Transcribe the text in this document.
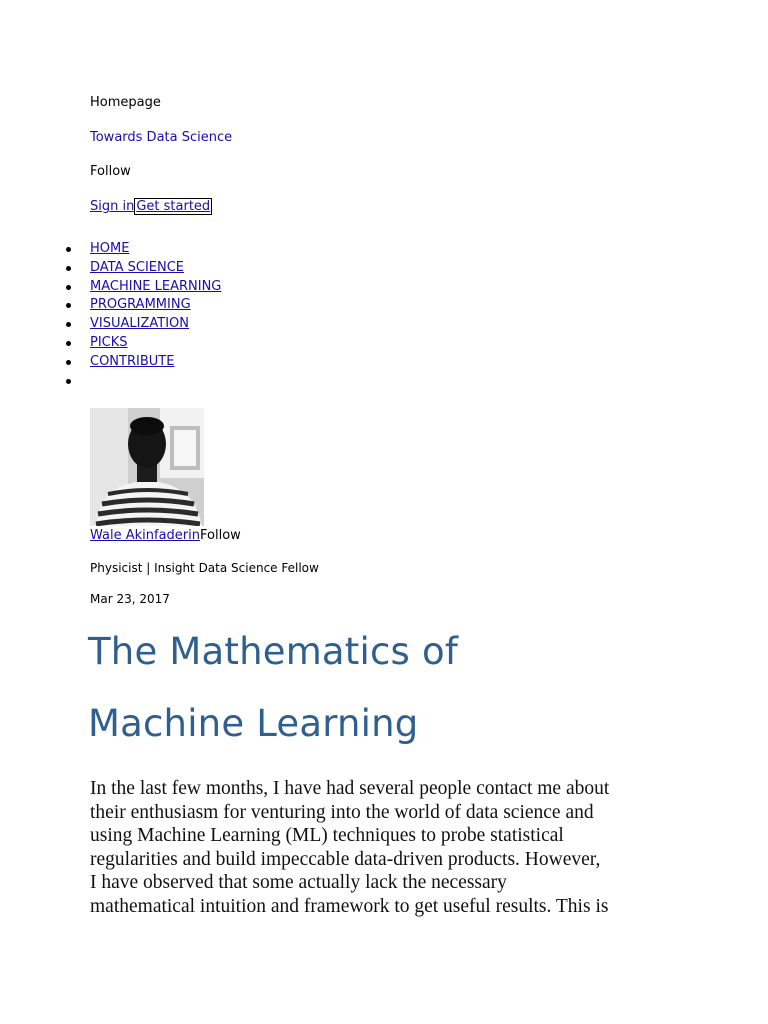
Homepage
Towards Data Science
Follow
Sign in Get started
HOME
DATA SCIENCE
MACHINE LEARNING
PROGRAMMING
VISUALIZATION
PICKS
CONTRIBUTE
Wale AkinfaderinFollow
Physicist | Insight Data Science Fellow
Mar 23, 2017
The Mathematics of
Machine Learning
In the last few months, I have had several people contact me about
their enthusiasm for venturing into the world of data science and
using Machine Learning (ML) techniques to probe statistical
regularities and build impeccable data-driven products. However,
I have observed that some actually lack the necessary
mathematical intuition and framework to get useful results. This is
